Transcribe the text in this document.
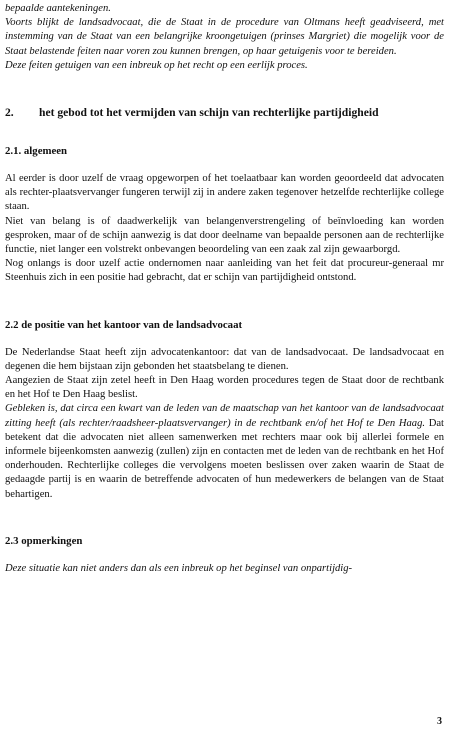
bepaalde aantekeningen.

Voorts blijkt de landsadvocaat, die de Staat in de procedure van Oltmans heeft geadviseerd, met instemming van de Staat van een belangrijke kroongetuigen (prinses Margriet) die mogelijk voor de Staat belastende feiten naar voren zou kunnen brengen, op haar getuigenis voor te bereiden.

Deze feiten getuigen van een inbreuk op het recht op een eerlijk proces.

2. het gebod tot het vermijden van schijn van rechterlijke partijdigheid
2.1. algemeen

Al eerder is door uzelf de vraag opgeworpen of het toelaatbaar kan worden geoordeeld dat advocaten als rechter-plaatsvervanger fungeren terwijl zij in andere zaken tegenover hetzelfde rechterlijke college staan.

Niet van belang is of daadwerkelijk van belangenverstrengeling of beïnvloeding kan worden gesproken, maar of de schijn aanwezig is dat door deelname van bepaalde personen aan de rechterlijke functie, niet langer een volstrekt onbevangen beoordeling van een zaak zal zijn gewaarborgd.

Nog onlangs is door uzelf actie ondernomen naar aanleiding van het feit dat procureur-generaal mr Steenhuis zich in een positie had gebracht, dat er schijn van partijdigheid ontstond.

2.2 de positie van het kantoor van de landsadvocaat

De Nederlandse Staat heeft zijn advocatenkantoor: dat van de landsadvocaat. De landsadvocaat en degenen die hem bijstaan zijn gebonden het staatsbelang te dienen.

Aangezien de Staat zijn zetel heeft in Den Haag worden procedures tegen de Staat door de rechtbank en het Hof te Den Haag beslist.

Gebleken is, dat circa een kwart van de leden van de maatschap van het kantoor van de landsadvocaat zitting heeft (als rechter/raadsheer-plaatsvervanger) in de rechtbank en/of het Hof te Den Haag. Dat betekent dat die advocaten niet alleen samenwerken met rechters maar ook bij allerlei formele en informele bijeenkomsten aanwezig (zullen) zijn en contacten met de leden van de rechtbank en het Hof onderhouden. Rechterlijke colleges die vervolgens moeten beslissen over zaken waarin de Staat de gedaagde partij is en waarin de betreffende advocaten of hun medewerkers de belangen van de Staat behartigen.

2.3 opmerkingen

Deze situatie kan niet anders dan als een inbreuk op het beginsel van onpartijdig-

3
